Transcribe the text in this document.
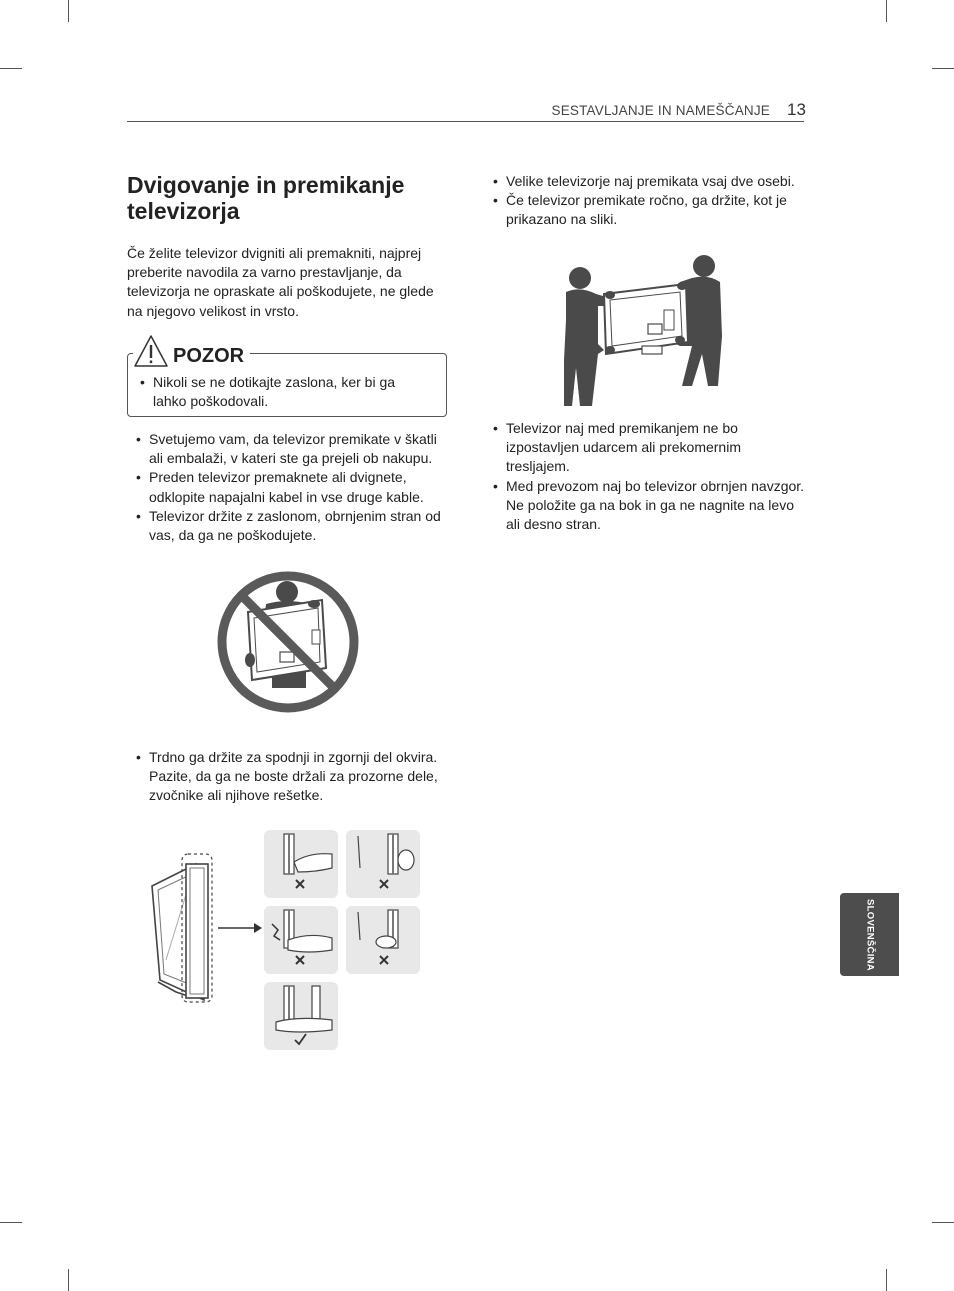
SESTAVLJANJE IN NAMEŠČANJE 13
Dvigovanje in premikanje televizorja

Če želite televizor dvigniti ali premakniti, najprej preberite navodila za varno prestavljanje, da televizorja ne opraskate ali poškodujete, ne glede na njegovo velikost in vrsto.

POZOR
• Nikoli se ne dotikajte zaslona, ker bi ga lahko poškodovali.
• Svetujemo vam, da televizor premikate v škatli ali embalaži, v kateri ste ga prejeli ob nakupu.
• Preden televizor premaknete ali dvignete, odklopite napajalni kabel in vse druge kable.
• Televizor držite z zaslonom, obrnjenim stran od vas, da ga ne poškodujete.
• Trdno ga držite za spodnji in zgornji del okvira. Pazite, da ga ne boste držali za prozorne dele, zvočnike ali njihove rešetke.
• Velike televizorje naj premikata vsaj dve osebi.
• Če televizor premikate ročno, ga držite, kot je prikazano na sliki.
• Televizor naj med premikanjem ne bo izpostavljen udarcem ali prekomernim tresljajem.
• Med prevozom naj bo televizor obrnjen navzgor. Ne položite ga na bok in ga ne nagnite na levo ali desno stran.
SLOVENŠČINA
